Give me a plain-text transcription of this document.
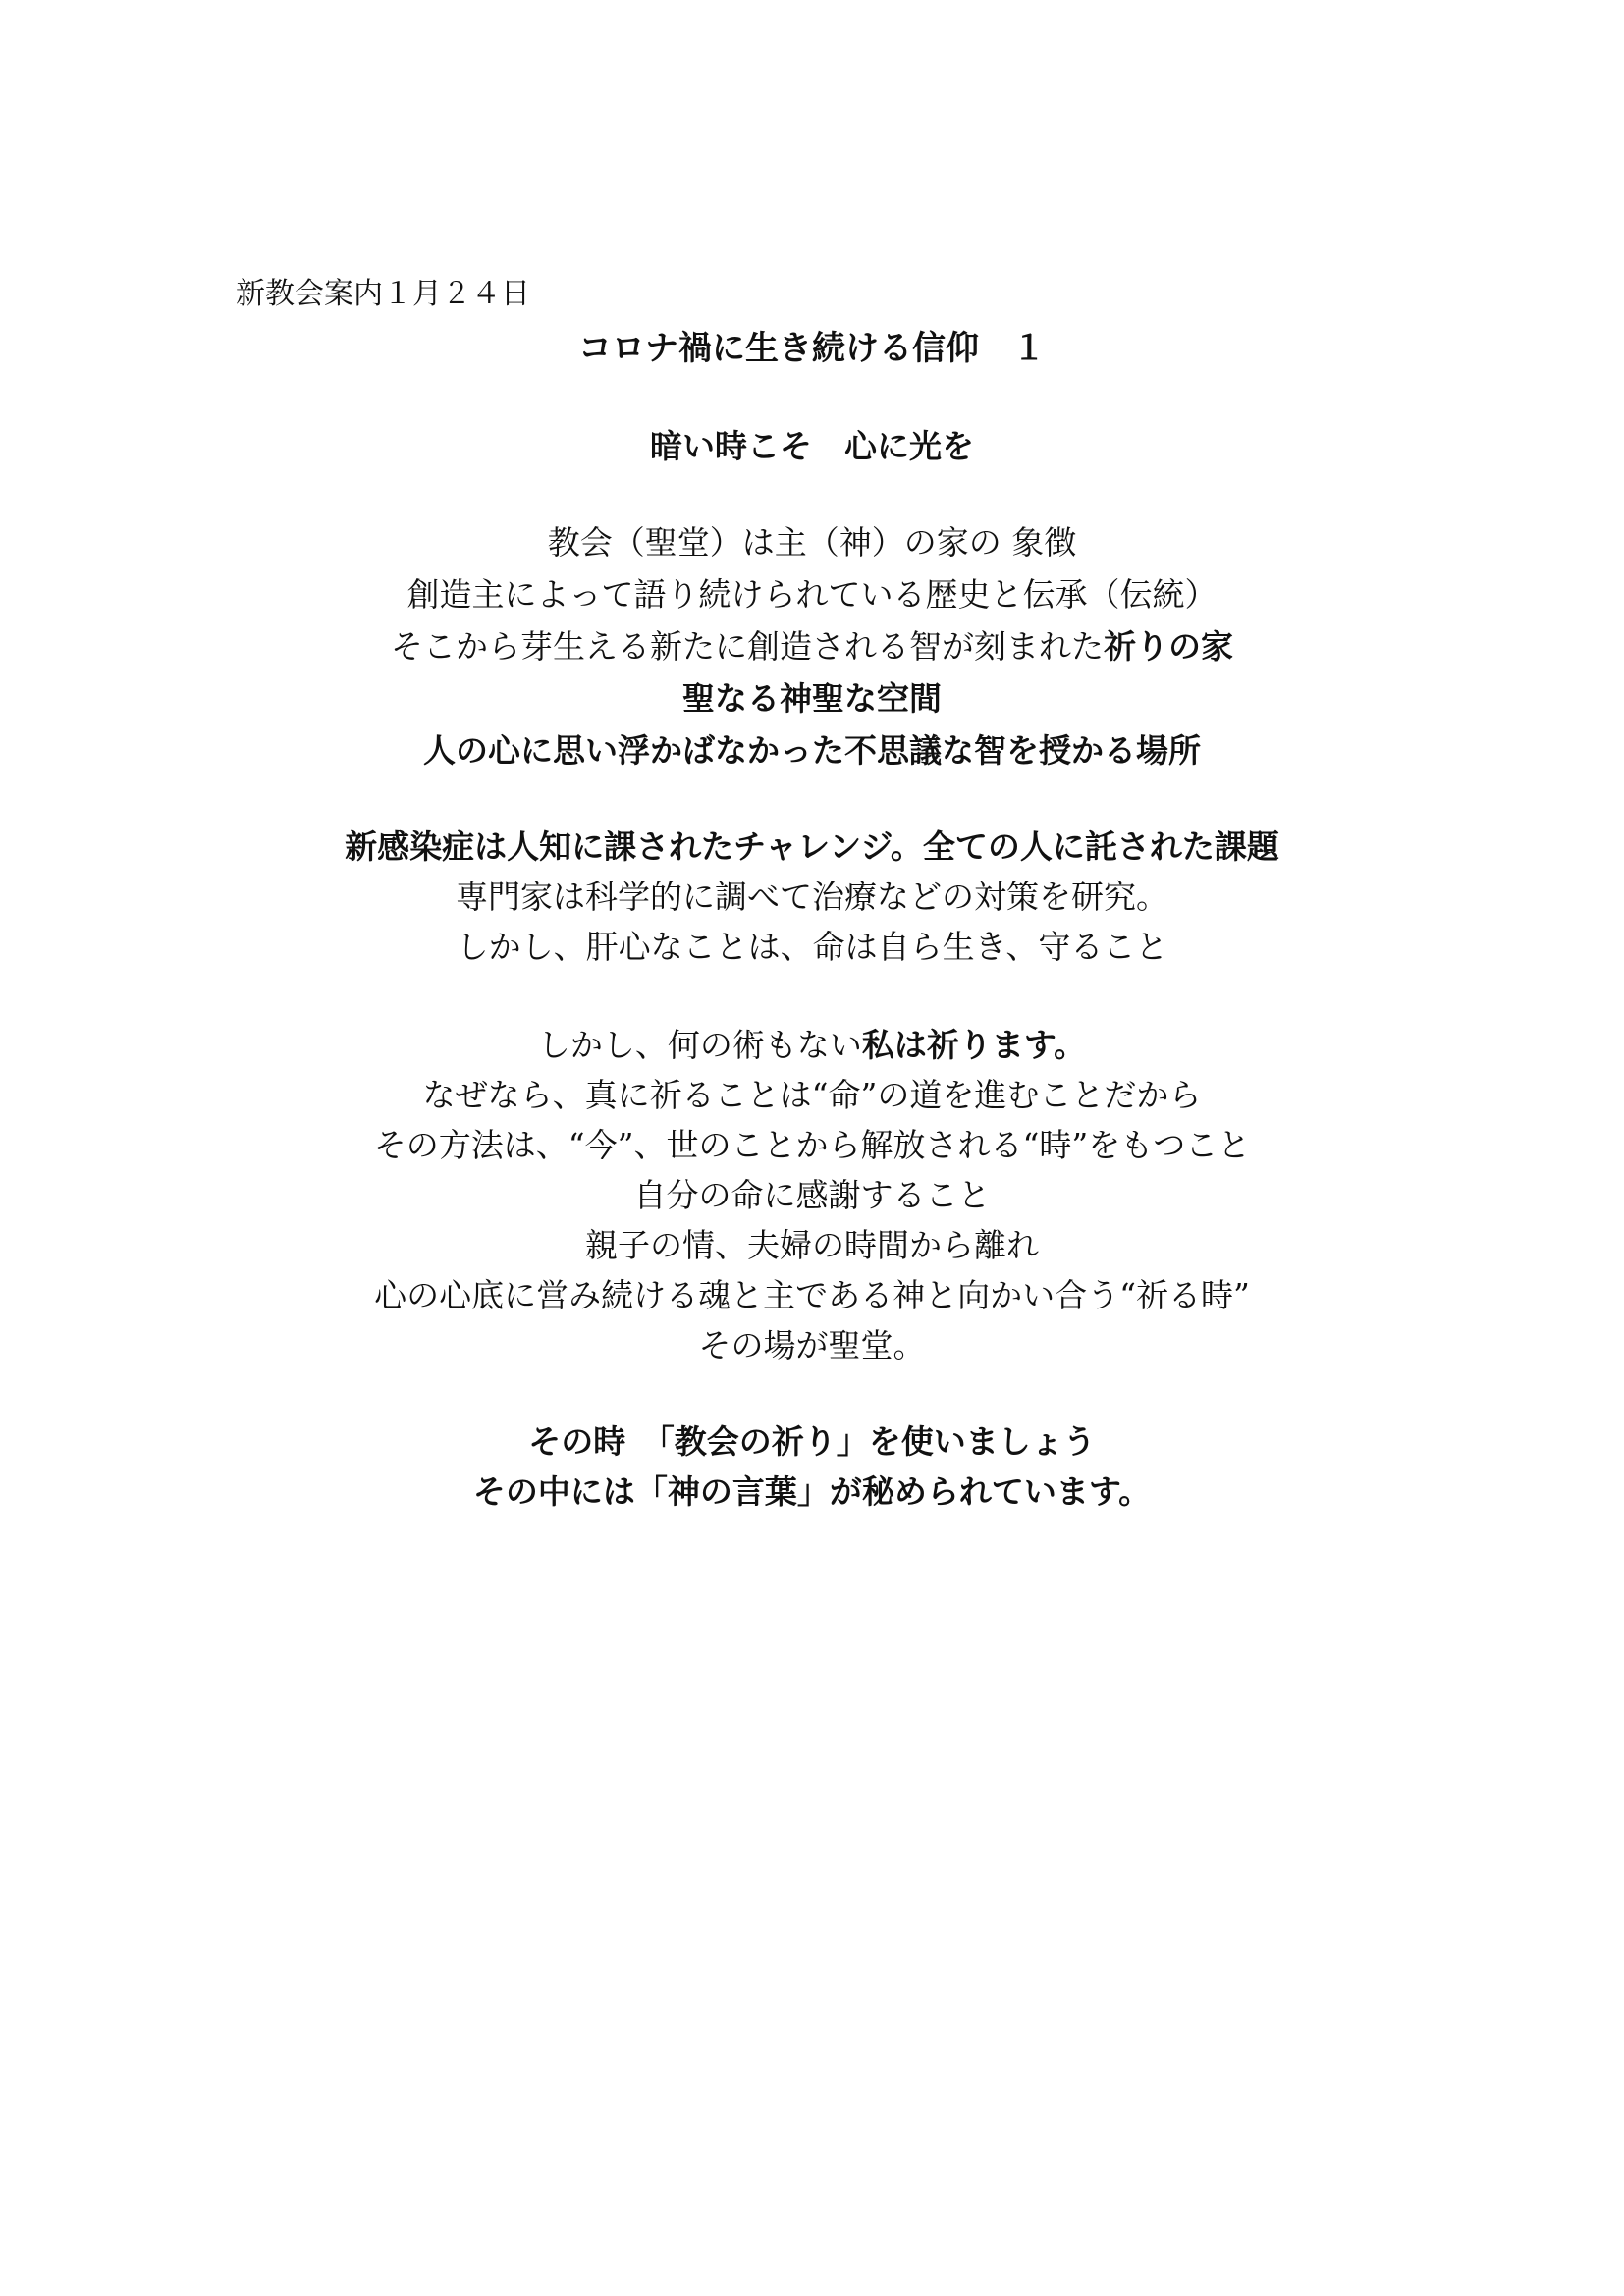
新教会案内１月２４日
コロナ禍に生き続ける信仰　１
暗い時こそ　心に光を
教会（聖堂）は主（神）の家の 象徴
創造主によって語り続けられている歴史と伝承（伝統）
そこから芽生える新たに創造される智が刻まれた祈りの家
聖なる神聖な空間
人の心に思い浮かばなかった不思議な智を授かる場所
新感染症は人知に課されたチャレンジ。全ての人に託された課題
専門家は科学的に調べて治療などの対策を研究。
しかし、肝心なことは、命は自ら生き、守ること
しかし、何の術もない私は祈ります。
なぜなら、真に祈ることは“命”の道を進むことだから
その方法は、“今”、世のことから解放される“時”をもつこと
自分の命に感謝すること
親子の情、夫婦の時間から離れ
心の心底に営み続ける魂と主である神と向かい合う“祈る時”
その場が聖堂。
その時　「教会の祈り」を使いましょう
その中には「神の言葉」が秘められています。
